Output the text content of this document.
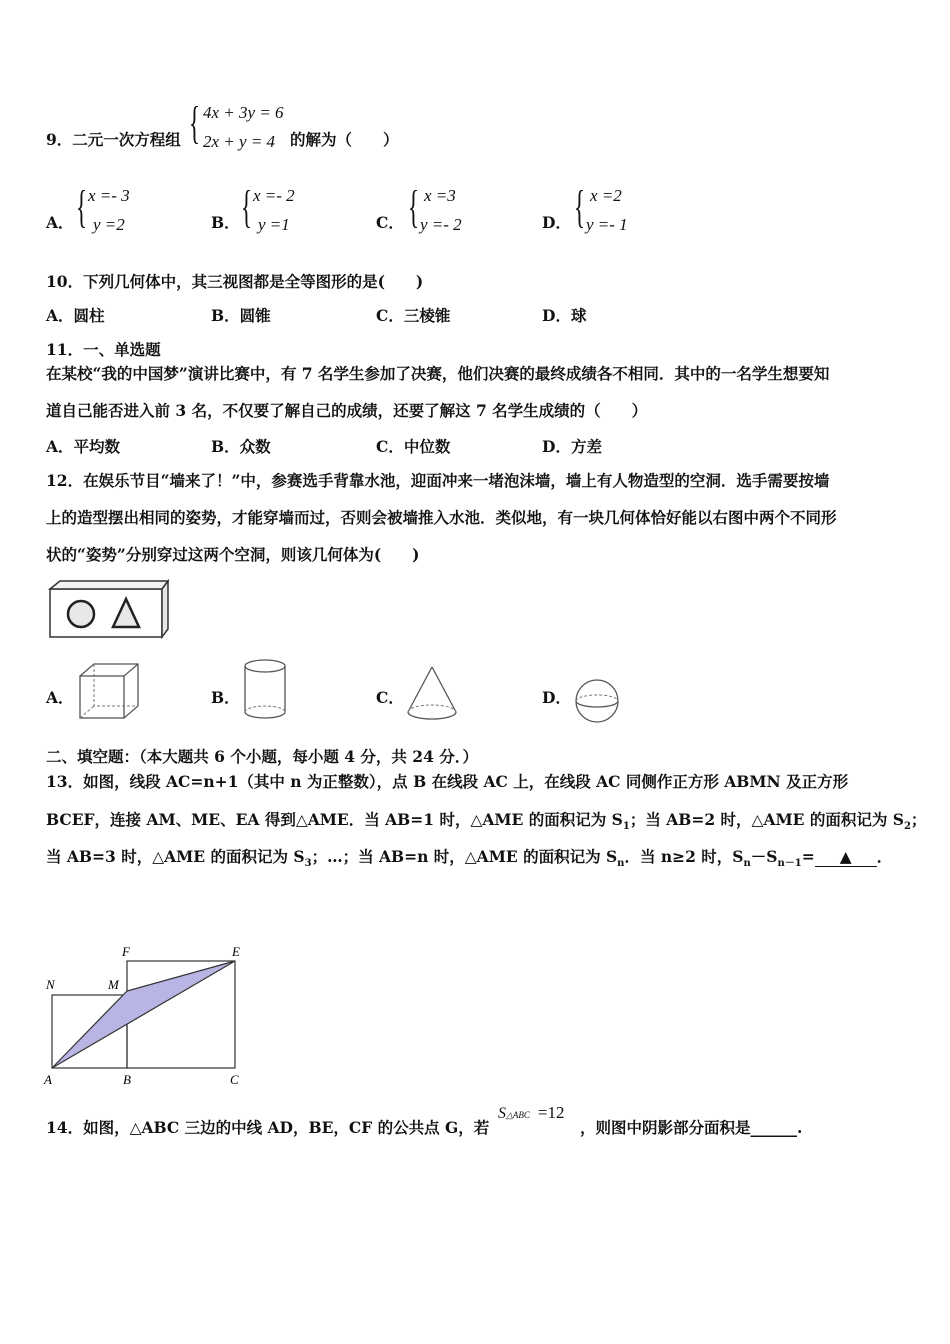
9．二元一次方程组 { 4x + 3y = 6
2x + y = 4 的解为（　　）
A． { x =- 3
y =2	B． { x =- 2
y =1	C． { x =3
y =- 2	D． { x =2
y =- 1
10．下列几何体中，其三视图都是全等图形的是(　　)
A．圆柱	B．圆锥	C．三棱锥	D．球
11．一、单选题
在某校“我的中国梦”演讲比赛中，有 7 名学生参加了决赛，他们决赛的最终成绩各不相同．其中的一名学生想要知
道自己能否进入前 3 名，不仅要了解自己的成绩，还要了解这 7 名学生成绩的（　　）
A．平均数	B．众数	C．中位数	D．方差
12．在娱乐节目“墙来了！”中，参赛选手背靠水池，迎面冲来一堵泡沫墙，墙上有人物造型的空洞．选手需要按墙
上的造型摆出相同的姿势，才能穿墙而过，否则会被墙推入水池．类似地，有一块几何体恰好能以右图中两个不同形
状的“姿势”分别穿过这两个空洞，则该几何体为(　　)
A．	B．	C．	D．
二、填空题：（本大题共 6 个小题，每小题 4 分，共 24 分．）
13．如图，线段 AC=n+1（其中 n 为正整数），点 B 在线段 AC 上，在线段 AC 同侧作正方形 ABMN 及正方形
BCEF，连接 AM、ME、EA 得到△AME．当 AB=1 时，△AME 的面积记为 $S_1$；当 AB=2 时，△AME 的面积记为 $S_2$；
当 AB=3 时，△AME 的面积记为 $S_3$；…；当 AB=n 时，△AME 的面积记为 $S_n$．当 n≥2 时，$S_n-S_{n-1}=$ ▲ ．
N	M
F	E
A	B	C
14．如图，△ABC 三边的中线 AD，BE，CF 的公共点 G，若
S△ABC =12
，则图中阴影部分面积是______.
